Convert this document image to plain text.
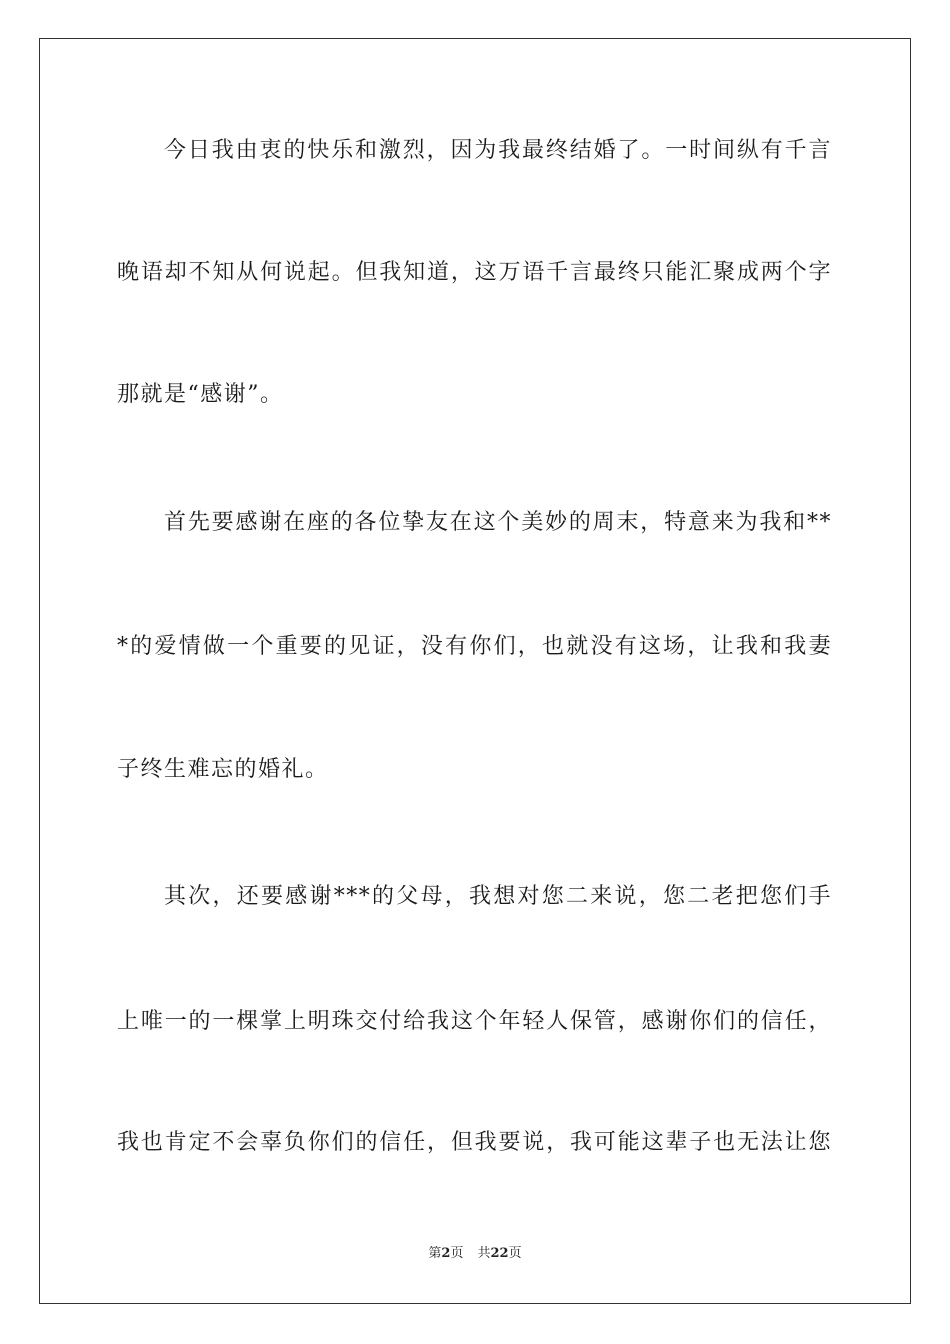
今日我由衷的快乐和激烈，因为我最终结婚了。一时间纵有千言
晚语却不知从何说起。但我知道，这万语千言最终只能汇聚成两个字
那就是“感谢”。
首先要感谢在座的各位挚友在这个美妙的周末，特意来为我和**
*的爱情做一个重要的见证，没有你们，也就没有这场，让我和我妻
子终生难忘的婚礼。
其次，还要感谢***的父母，我想对您二来说，您二老把您们手
上唯一的一棵掌上明珠交付给我这个年轻人保管，感谢你们的信任，
我也肯定不会辜负你们的信任，但我要说，我可能这辈子也无法让您
第2页 共22页
